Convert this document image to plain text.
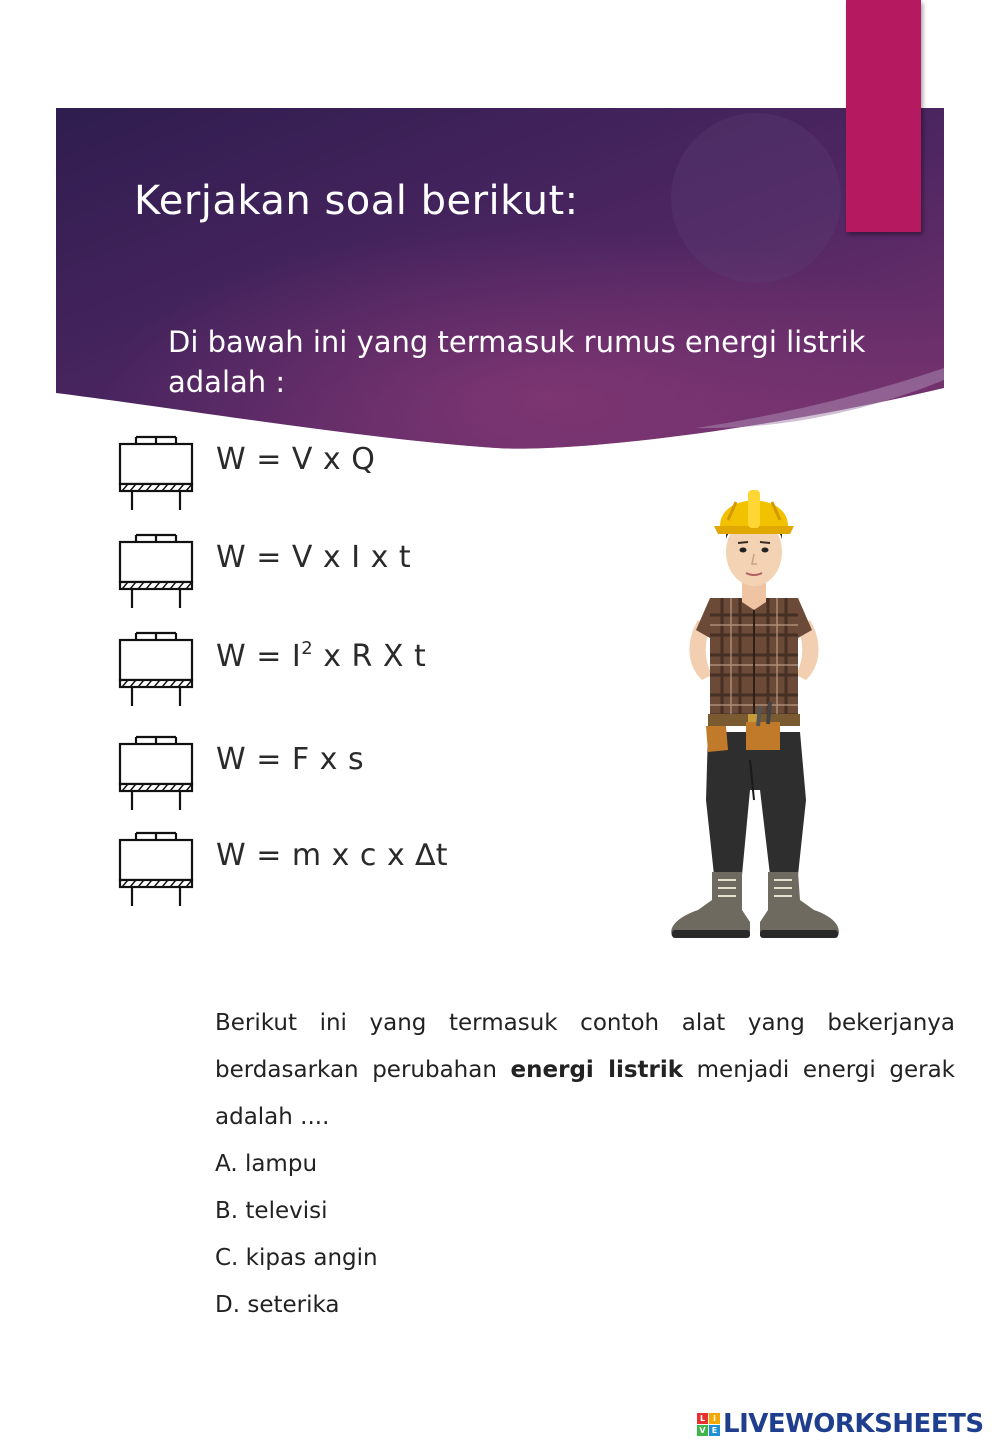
Kerjakan soal berikut:

Di bawah ini yang termasuk rumus energi listrik adalah :

W = V x Q
W = V x I x t
$W = I^2$ x R X t
W = F x s
W = m x c x ∆t

Berikut ini yang termasuk contoh alat yang bekerjanya berdasarkan perubahan energi listrik menjadi energi gerak adalah ....

A. lampu

B. televisi

C. kipas angin

D. seterika

L	i
V E LIVEWORKSHEETS
